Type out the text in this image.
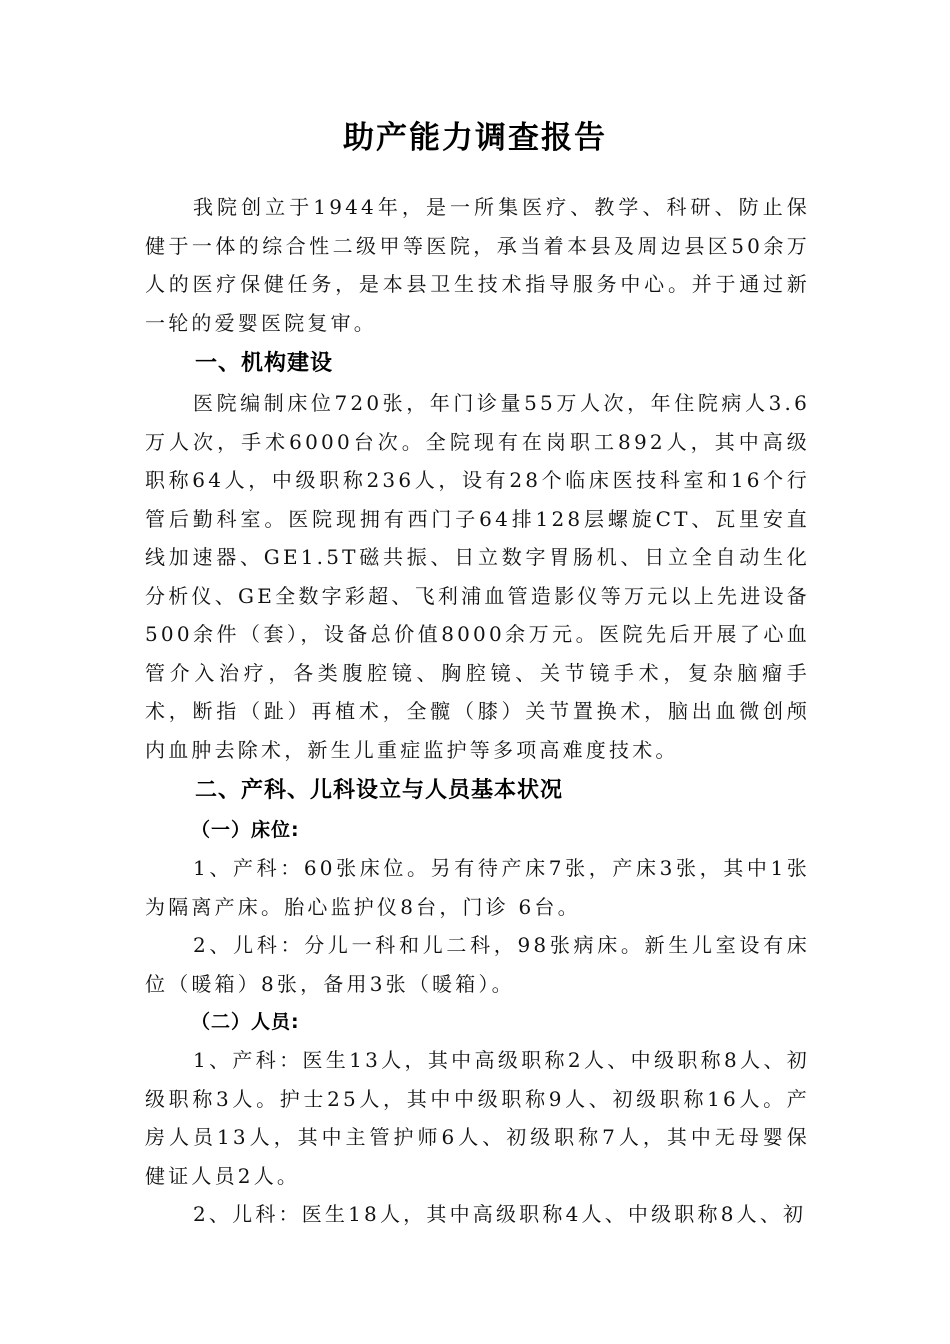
助产能力调查报告

我院创立于1944年，是一所集医疗、教学、科研、防止保健于一体的综合性二级甲等医院，承当着本县及周边县区50余万人的医疗保健任务，是本县卫生技术指导服务中心。并于通过新一轮的爱婴医院复审。

一、机构建设

医院编制床位720张，年门诊量55万人次，年住院病人3.6万人次，手术6000台次。全院现有在岗职工892人，其中高级职称64人，中级职称236人，设有28个临床医技科室和16个行管后勤科室。医院现拥有西门子64排128层螺旋CT、瓦里安直线加速器、GE1.5T磁共振、日立数字胃肠机、日立全自动生化分析仪、GE全数字彩超、飞利浦血管造影仪等万元以上先进设备500余件（套），设备总价值8000余万元。医院先后开展了心血管介入治疗，各类腹腔镜、胸腔镜、关节镜手术，复杂脑瘤手术，断指（趾）再植术，全髋（膝）关节置换术，脑出血微创颅内血肿去除术，新生儿重症监护等多项高难度技术。

二、产科、儿科设立与人员基本状况
（一）床位:

1、产科：60张床位。另有待产床7张，产床3张，其中1张为隔离产床。胎心监护仪8台，门诊 6台。

2、儿科：分儿一科和儿二科，98张病床。新生儿室设有床位（暖箱）8张，备用3张（暖箱）。

（二）人员:

1、产科：医生13人，其中高级职称2人、中级职称8人、初级职称3人。护士25人，其中中级职称9人、初级职称16人。产房人员13人，其中主管护师6人、初级职称7人，其中无母婴保健证人员2人。

2、儿科：医生18人，其中高级职称4人、中级职称8人、初
